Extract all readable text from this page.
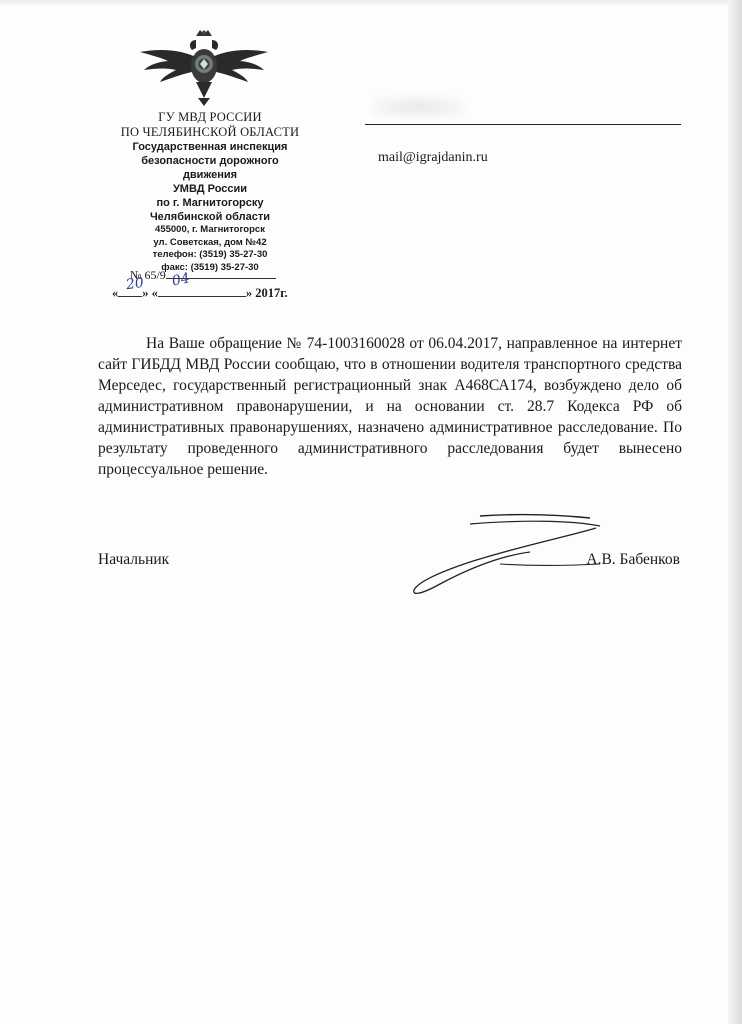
ГУ МВД РОССИИ
ПО ЧЕЛЯБИНСКОЙ ОБЛАСТИ
Государственная инспекция
безопасности дорожного
движения
УМВД России
по г. Магнитогорску
Челябинской области
455000, г. Магнитогорск
ул. Советская, дом №42
телефон: (3519) 35-27-30
факс: (3519) 35-27-30
№ 65/9
« » «	» 2017г.
20 04
mail@igrajdanin.ru

На Ваше обращение № 74-1003160028 от 06.04.2017, направленное на интернет сайт ГИБДД МВД России сообщаю, что в отношении водителя транспортного средства Мерседес, государственный регистрационный знак А468СА174, возбуждено дело об административном правонарушении, и на основании ст. 28.7 Кодекса РФ об административных правонарушениях, назначено административное расследование. По результату проведенного административного расследования будет вынесено процессуальное решение.

Начальник	А.В. Бабенков
